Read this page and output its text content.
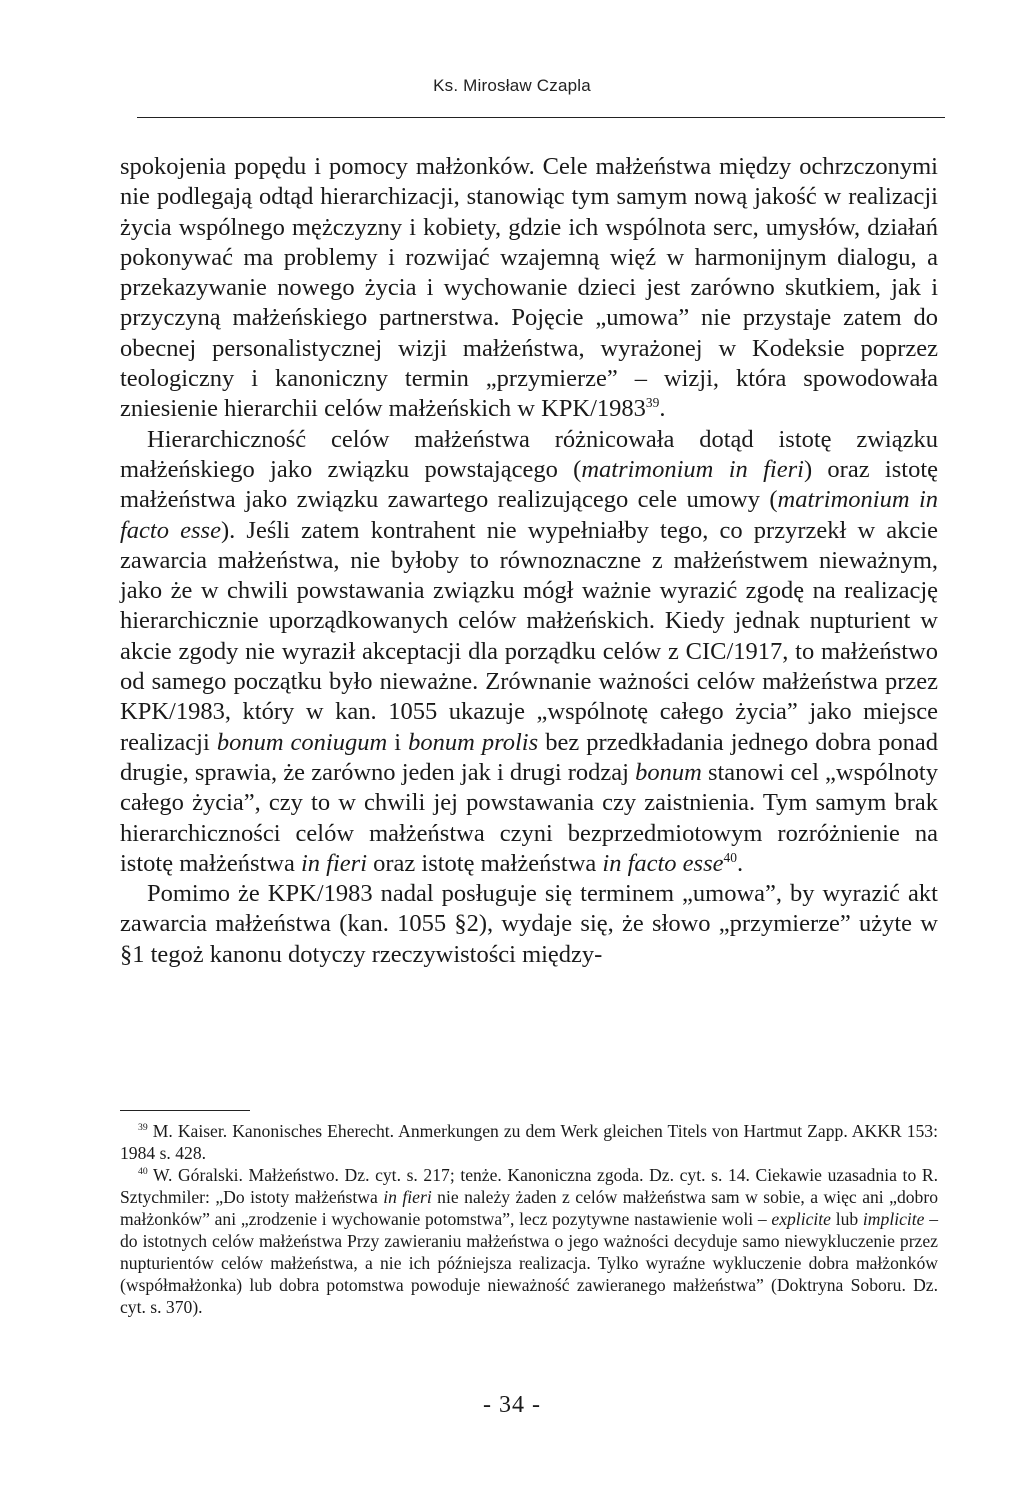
Ks. Mirosław Czapla

spokojenia popędu i pomocy małżonków. Cele małżeństwa między ochrzczonymi nie podlegają odtąd hierarchizacji, stanowiąc tym samym nową jakość w realizacji życia wspólnego mężczyzny i kobiety, gdzie ich wspólnota serc, umysłów, działań pokonywać ma problemy i rozwijać wzajemną więź w harmonijnym dialogu, a przekazywanie nowego życia i wychowanie dzieci jest zarówno skutkiem, jak i przyczyną małżeńskiego partnerstwa. Pojęcie „umowa” nie przystaje zatem do obecnej personalistycznej wizji małżeństwa, wyrażonej w Kodeksie poprzez teologiczny i kanoniczny termin „przymierze” – wizji, która spowodowała zniesienie hierarchii celów małżeńskich w KPK/1983$^{39}$.

Hierarchiczność celów małżeństwa różnicowała dotąd istotę związku małżeńskiego jako związku powstającego (matrimonium in fieri) oraz istotę małżeństwa jako związku zawartego realizującego cele umowy (matrimonium in facto esse). Jeśli zatem kontrahent nie wypełniałby tego, co przyrzekł w akcie zawarcia małżeństwa, nie byłoby to równoznaczne z małżeństwem nieważnym, jako że w chwili powstawania związku mógł ważnie wyrazić zgodę na realizację hierarchicznie uporządkowanych celów małżeńskich. Kiedy jednak nupturient w akcie zgody nie wyraził akceptacji dla porządku celów z CIC/1917, to małżeństwo od samego początku było nieważne. Zrównanie ważności celów małżeństwa przez KPK/1983, który w kan. 1055 ukazuje „wspólnotę całego życia” jako miejsce realizacji bonum coniugum i bonum prolis bez przedkładania jednego dobra ponad drugie, sprawia, że zarówno jeden jak i drugi rodzaj bonum stanowi cel „wspólnoty całego życia”, czy to w chwili jej powstawania czy zaistnienia. Tym samym brak hierarchiczności celów małżeństwa czyni bezprzedmiotowym rozróżnienie na istotę małżeństwa in fieri oraz istotę małżeństwa in facto esse$^{40}$.

Pomimo że KPK/1983 nadal posługuje się terminem „umowa”, by wyrazić akt zawarcia małżeństwa (kan. 1055 §2), wydaje się, że słowo „przymierze” użyte w §1 tegoż kanonu dotyczy rzeczywistości między-

$^{39}$ M. Kaiser. Kanonisches Eherecht. Anmerkungen zu dem Werk gleichen Titels von Hartmut Zapp. AKKR 153: 1984 s. 428.

$^{40}$ W. Góralski. Małżeństwo. Dz. cyt. s. 217; tenże. Kanoniczna zgoda. Dz. cyt. s. 14. Ciekawie uzasadnia to R. Sztychmiler: „Do istoty małżeństwa in fieri nie należy żaden z celów małżeństwa sam w sobie, a więc ani „dobro małżonków” ani „zrodzenie i wychowanie potomstwa”, lecz pozytywne nastawienie woli – explicite lub implicite – do istotnych celów małżeństwa Przy zawieraniu małżeństwa o jego ważności decyduje samo niewykluczenie przez nupturientów celów małżeństwa, a nie ich późniejsza realizacja. Tylko wyraźne wykluczenie dobra małżonków (współmałżonka) lub dobra potomstwa powoduje nieważność zawieranego małżeństwa” (Doktryna Soboru. Dz. cyt. s. 370).

- 34 -
